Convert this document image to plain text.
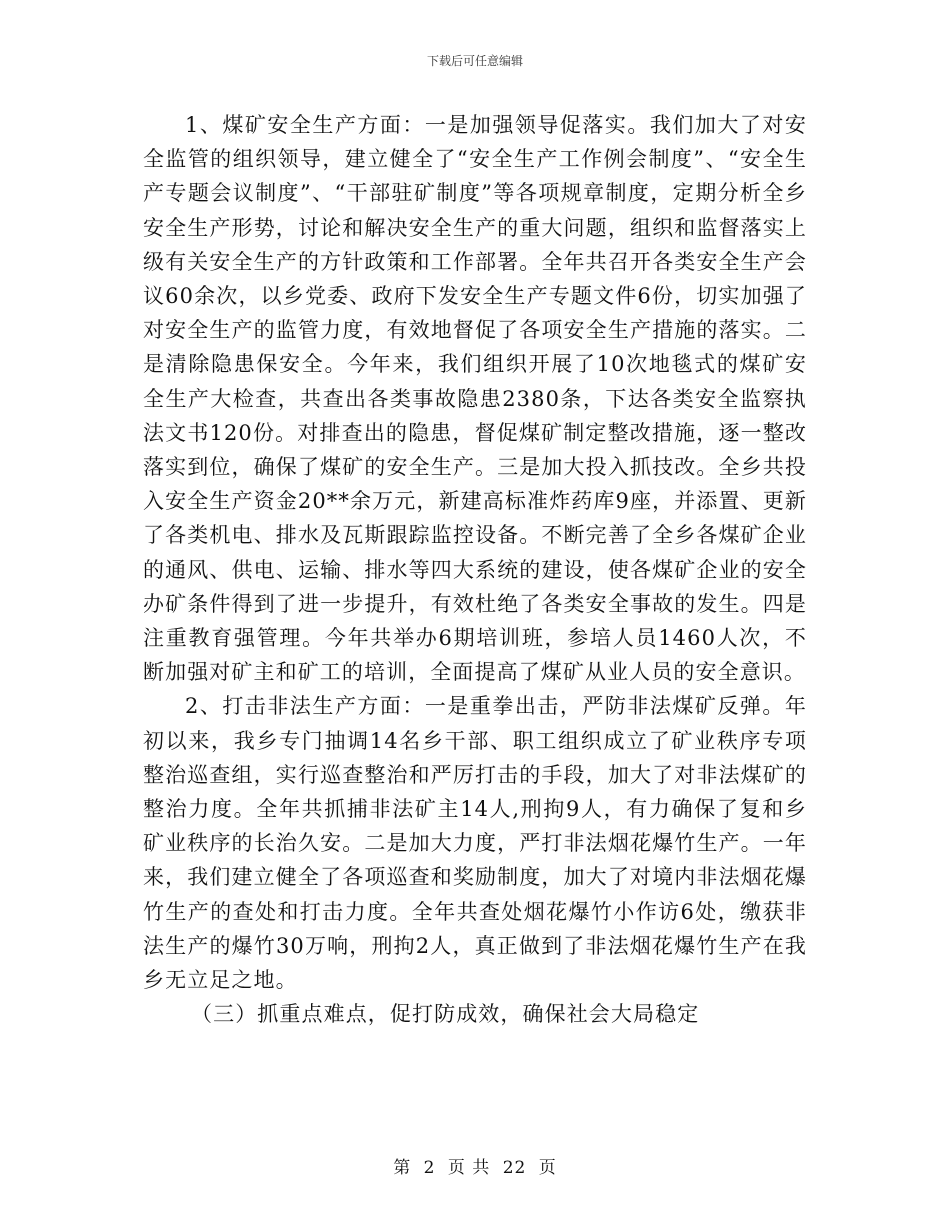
下载后可任意编辑

1、煤矿安全生产方面：一是加强领导促落实。我们加大了对安全监管的组织领导，建立健全了“安全生产工作例会制度”、“安全生产专题会议制度”、“干部驻矿制度”等各项规章制度，定期分析全乡安全生产形势，讨论和解决安全生产的重大问题，组织和监督落实上级有关安全生产的方针政策和工作部署。全年共召开各类安全生产会议60余次，以乡党委、政府下发安全生产专题文件6份，切实加强了对安全生产的监管力度，有效地督促了各项安全生产措施的落实。二是清除隐患保安全。今年来，我们组织开展了10次地毯式的煤矿安全生产大检查，共查出各类事故隐患2380条，下达各类安全监察执法文书120份。对排查出的隐患，督促煤矿制定整改措施，逐一整改落实到位，确保了煤矿的安全生产。三是加大投入抓技改。全乡共投入安全生产资金20**余万元，新建高标准炸药库9座，并添置、更新了各类机电、排水及瓦斯跟踪监控设备。不断完善了全乡各煤矿企业的通风、供电、运输、排水等四大系统的建设，使各煤矿企业的安全办矿条件得到了进一步提升，有效杜绝了各类安全事故的发生。四是注重教育强管理。今年共举办6期培训班，参培人员1460人次，不断加强对矿主和矿工的培训，全面提高了煤矿从业人员的安全意识。

2、打击非法生产方面：一是重拳出击，严防非法煤矿反弹。年初以来，我乡专门抽调14名乡干部、职工组织成立了矿业秩序专项整治巡查组，实行巡查整治和严厉打击的手段，加大了对非法煤矿的整治力度。全年共抓捕非法矿主14人,刑拘9人，有力确保了复和乡矿业秩序的长治久安。二是加大力度，严打非法烟花爆竹生产。一年来，我们建立健全了各项巡查和奖励制度，加大了对境内非法烟花爆竹生产的查处和打击力度。全年共查处烟花爆竹小作访6处，缴获非法生产的爆竹30万响，刑拘2人，真正做到了非法烟花爆竹生产在我乡无立足之地。

（三）抓重点难点，促打防成效，确保社会大局稳定

第 2 页 共 22 页
